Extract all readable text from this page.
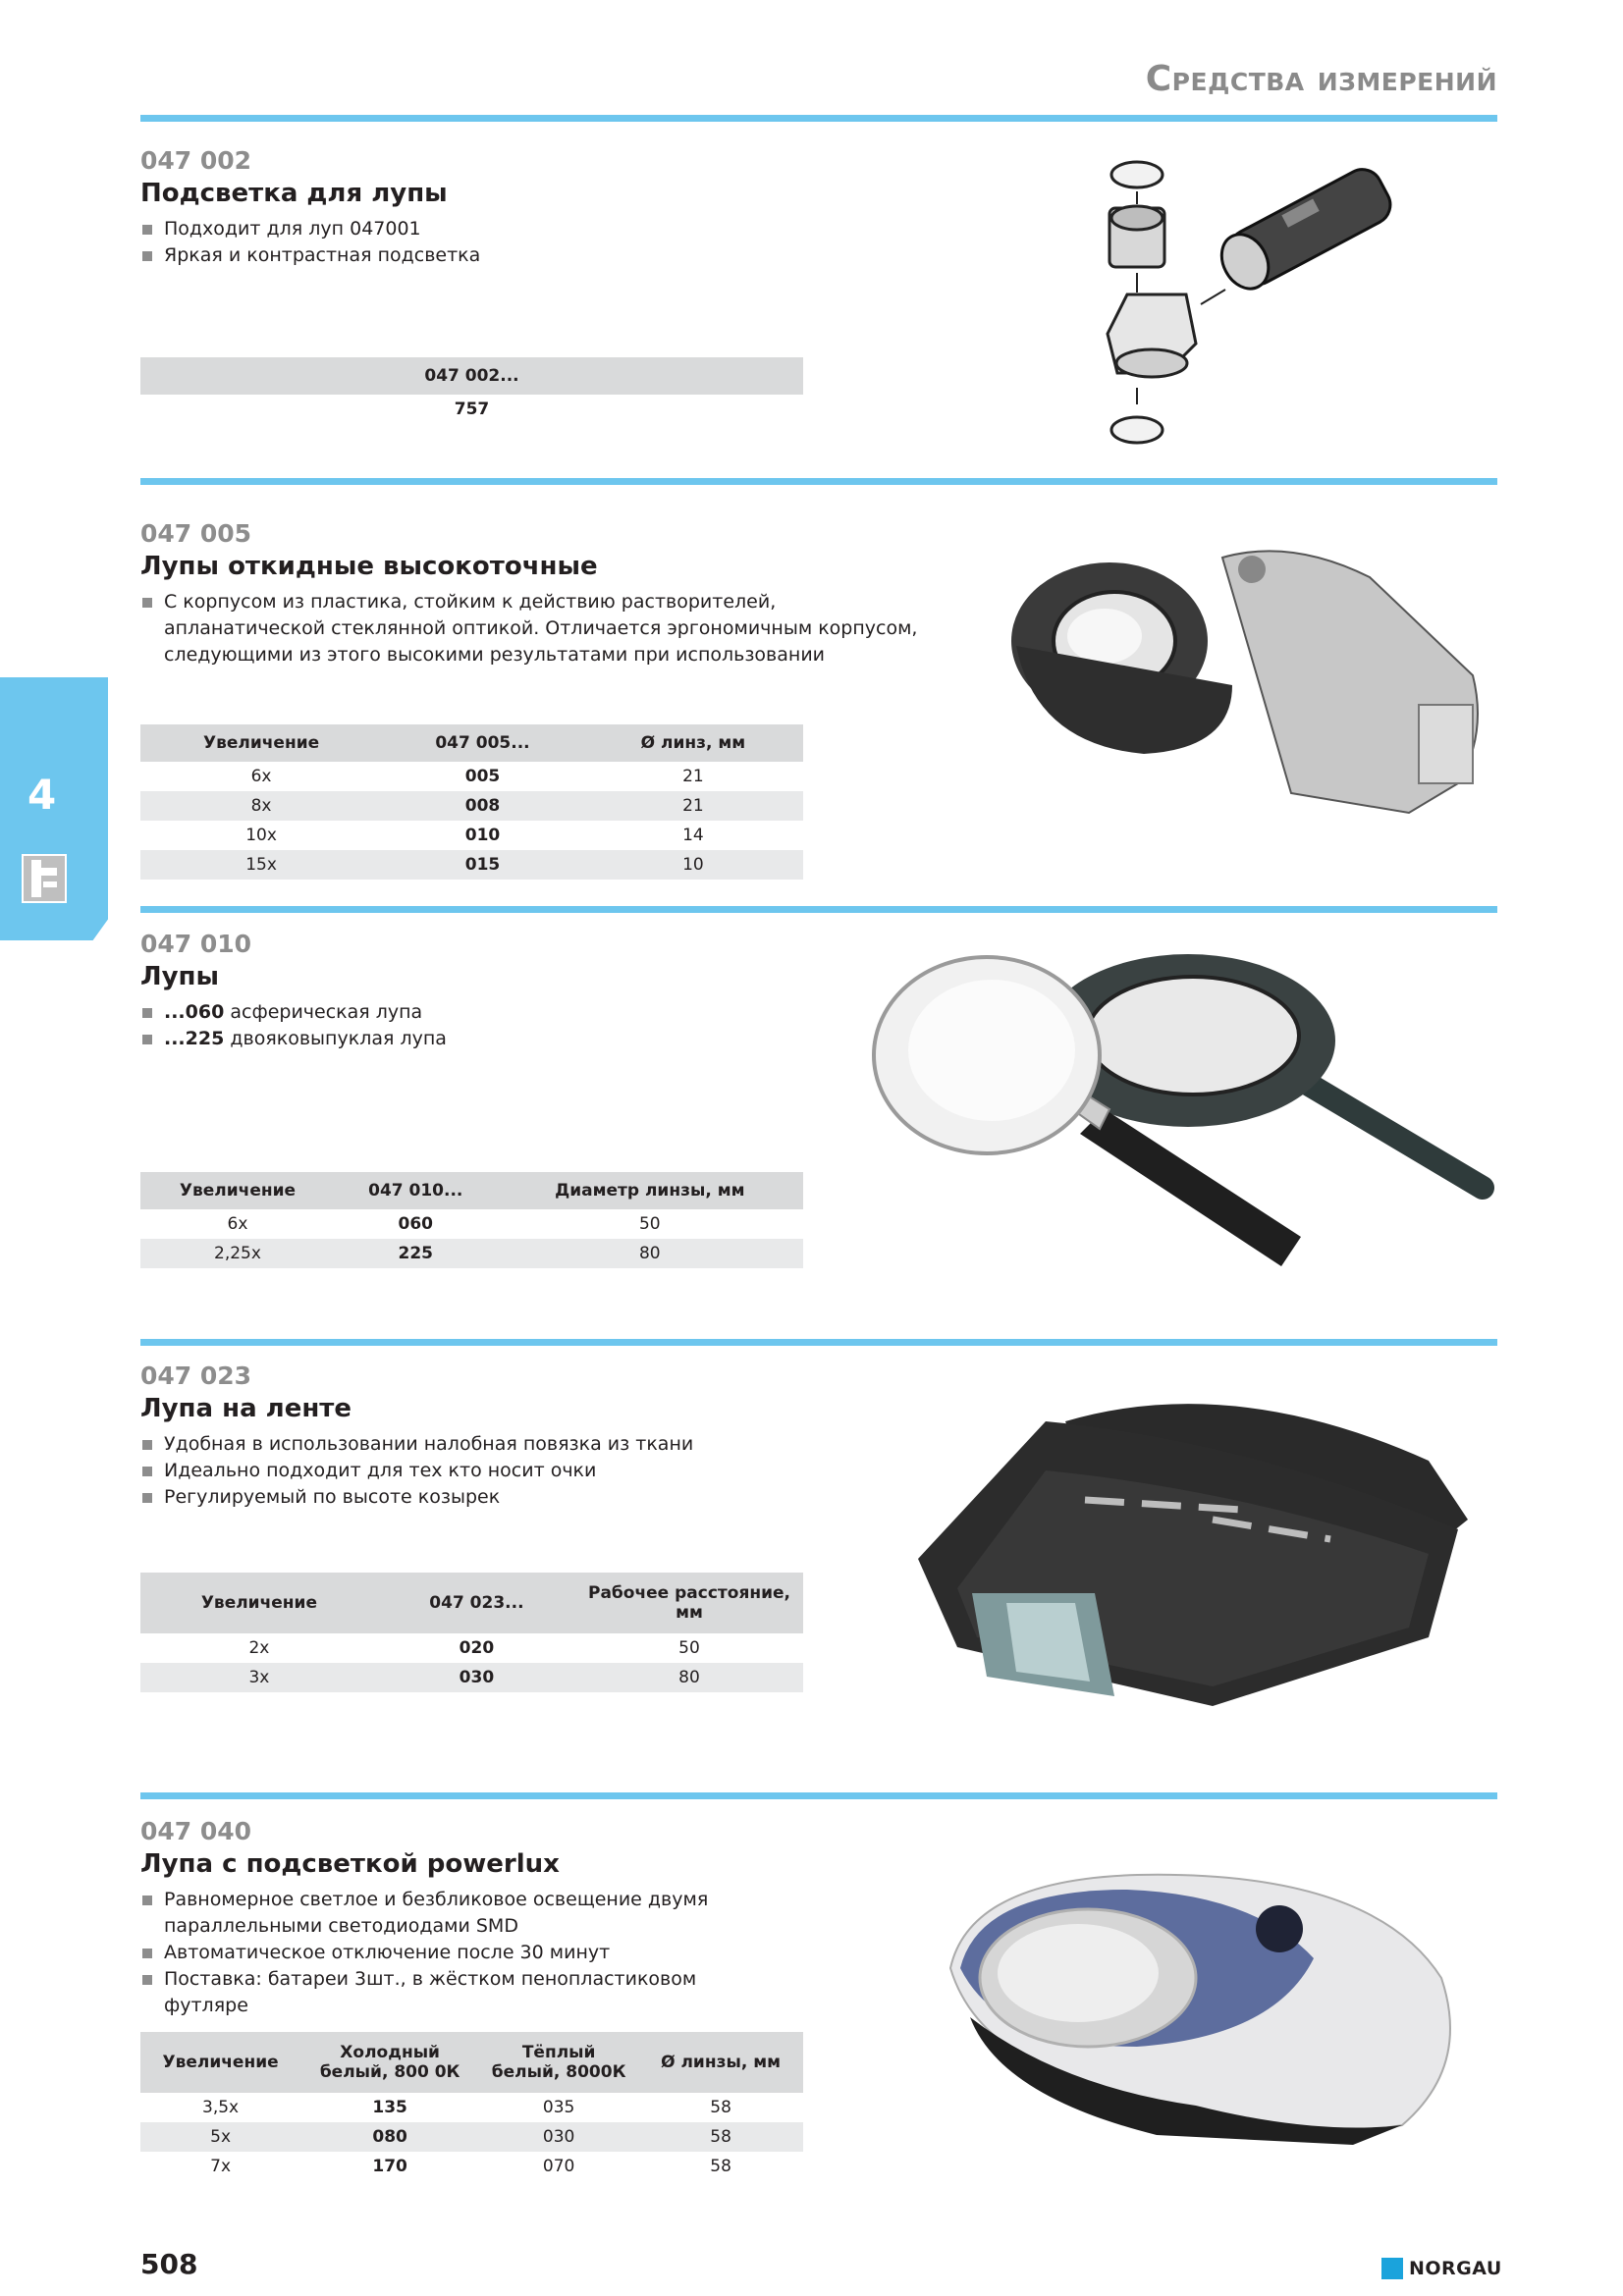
Средства измерений
047 002
Подсветка для лупы
Подходит для луп 047001
Яркая и контрастная подсветка
047 002...
757
047 005
Лупы откидные высокоточные
С корпусом из пластика, стойким к действию растворителей, апланатической стеклянной оптикой. Отличается эргономичным корпусом, следующими из этого высокими результатами при использовании
Увеличение	047 005...	Ø линз, мм
6x	005	21
8x	008	21
10x	010	14
15x	015	10
4
047 010
Лупы
...060 асферическая лупа
...225 двояковыпуклая лупа
Увеличение	047 010...	Диаметр линзы, мм
6x	060	50
2,25x	225	80
047 023
Лупа на ленте
Удобная в использовании налобная повязка из ткани
Идеально подходит для тех кто носит очки
Регулируемый по высоте козырек
Увеличение	047 023...	Рабочее расстояние, мм
2x	020	50
3x	030	80
047 040
Лупа с подсветкой powerlux
Равномерное светлое и безбликовое освещение двумя параллельными светодиодами SMD
Автоматическое отключение после 30 минут
Поставка: батареи 3шт., в жёстком пенопластиковом футляре
Увеличение	Холодный белый, 800 0К	Тёплый белый, 8000К	Ø линзы, мм
3,5x	135	035	58
5x	080	030	58
7x	170	070	58
508	NORGAU
